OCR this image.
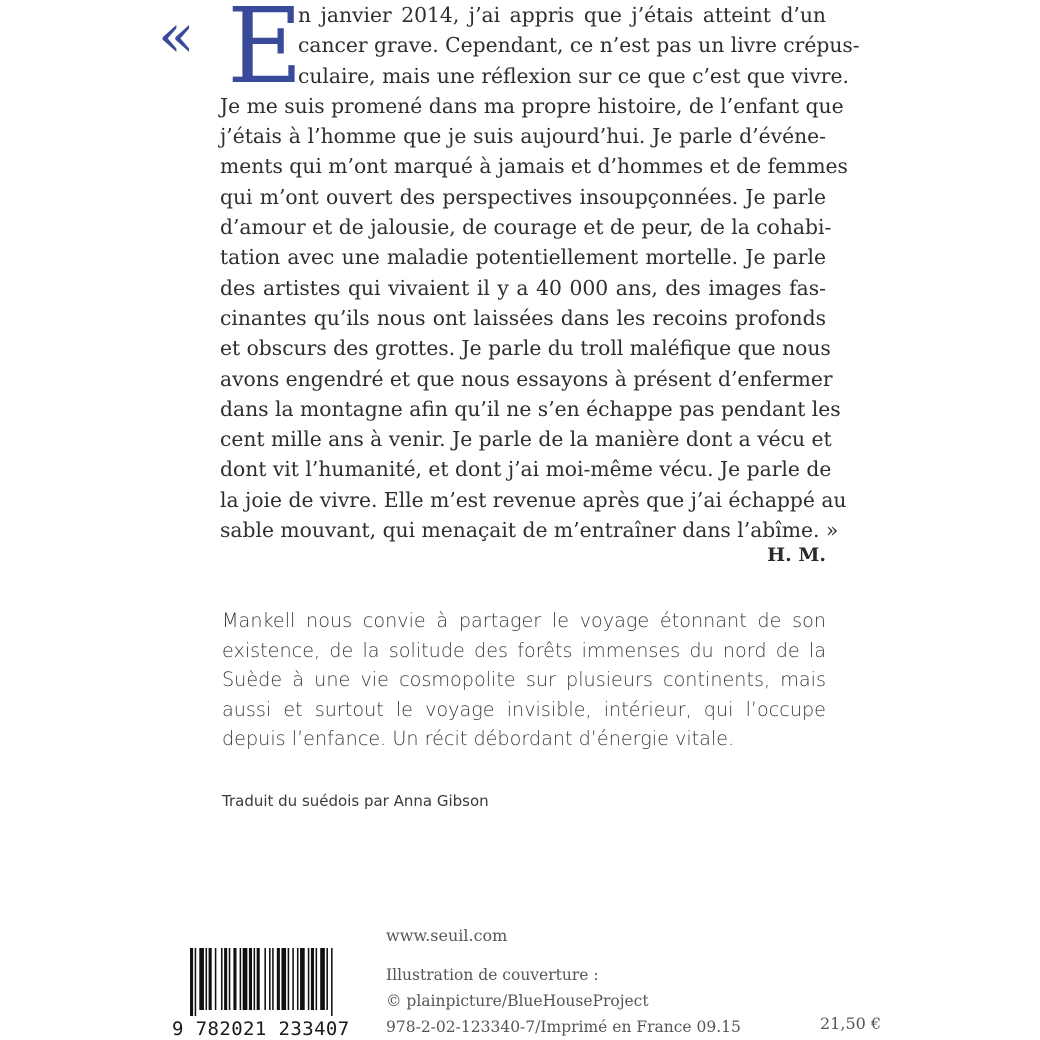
« E
n janvier 2014, j’ai appris que j’étais atteint d’un
cancer grave. Cependant, ce n’est pas un livre crépus-
culaire, mais une réflexion sur ce que c’est que vivre.
Je me suis promené dans ma propre histoire, de l’enfant que
j’étais à l’homme que je suis aujourd’hui. Je parle d’événe-
ments qui m’ont marqué à jamais et d’hommes et de femmes
qui m’ont ouvert des perspectives insoupçonnées. Je parle
d’amour et de jalousie, de courage et de peur, de la cohabi-
tation avec une maladie potentiellement mortelle. Je parle
des artistes qui vivaient il y a 40 000 ans, des images fas-
cinantes qu’ils nous ont laissées dans les recoins profonds
et obscurs des grottes. Je parle du troll maléfique que nous
avons engendré et que nous essayons à présent d’enfermer
dans la montagne afin qu’il ne s’en échappe pas pendant les
cent mille ans à venir. Je parle de la manière dont a vécu et
dont vit l’humanité, et dont j’ai moi-même vécu. Je parle de
la joie de vivre. Elle m’est revenue après que j’ai échappé au
sable mouvant, qui menaçait de m’entraîner dans l’abîme. »
H. M.
Mankell nous convie à partager le voyage étonnant de son
existence, de la solitude des forêts immenses du nord de la
Suède à une vie cosmopolite sur plusieurs continents, mais
aussi et surtout le voyage invisible, intérieur, qui l’occupe
depuis l’enfance. Un récit débordant d’énergie vitale.
Traduit du suédois par Anna Gibson
www.seuil.com
Illustration de couverture :
© plainpicture/BlueHouseProject
978-2-02-123340-7/Imprimé en France 09.15	21,50 €
9 782021 233407
